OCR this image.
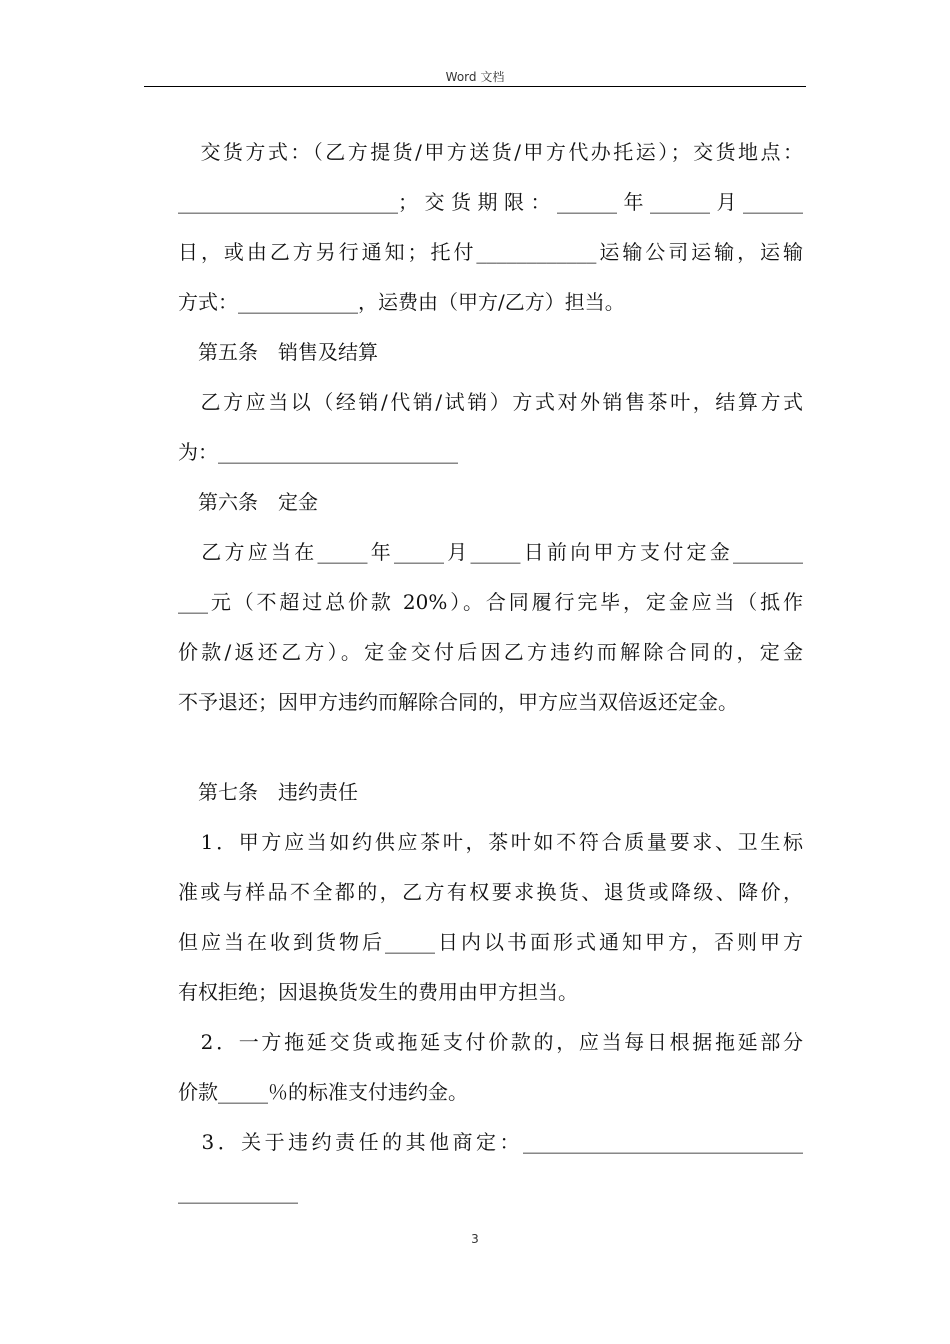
Word 文档
　交货方式：（乙方提货/甲方送货/甲方代办托运）；交货地点：
______________________；交货期限：______年______月______
日，或由乙方另行通知；托付____________运输公司运输，运输
方式：____________，运费由（甲方/乙方）担当。
　第五条　销售及结算
　乙方应当以（经销/代销/试销）方式对外销售茶叶，结算方式
为：________________________
　第六条　定金
　乙方应当在_____年_____月_____日前向甲方支付定金_______
___元（不超过总价款 20%）。合同履行完毕，定金应当（抵作
价款/返还乙方）。定金交付后因乙方违约而解除合同的，定金
不予退还；因甲方违约而解除合同的，甲方应当双倍返还定金。
　第七条　违约责任
　1．甲方应当如约供应茶叶，茶叶如不符合质量要求、卫生标
准或与样品不全都的，乙方有权要求换货、退货或降级、降价，
但应当在收到货物后_____日内以书面形式通知甲方，否则甲方
有权拒绝；因退换货发生的费用由甲方担当。
　2．一方拖延交货或拖延支付价款的，应当每日根据拖延部分
价款_____％的标准支付违约金。
　3．关于违约责任的其他商定：____________________________
____________
3
